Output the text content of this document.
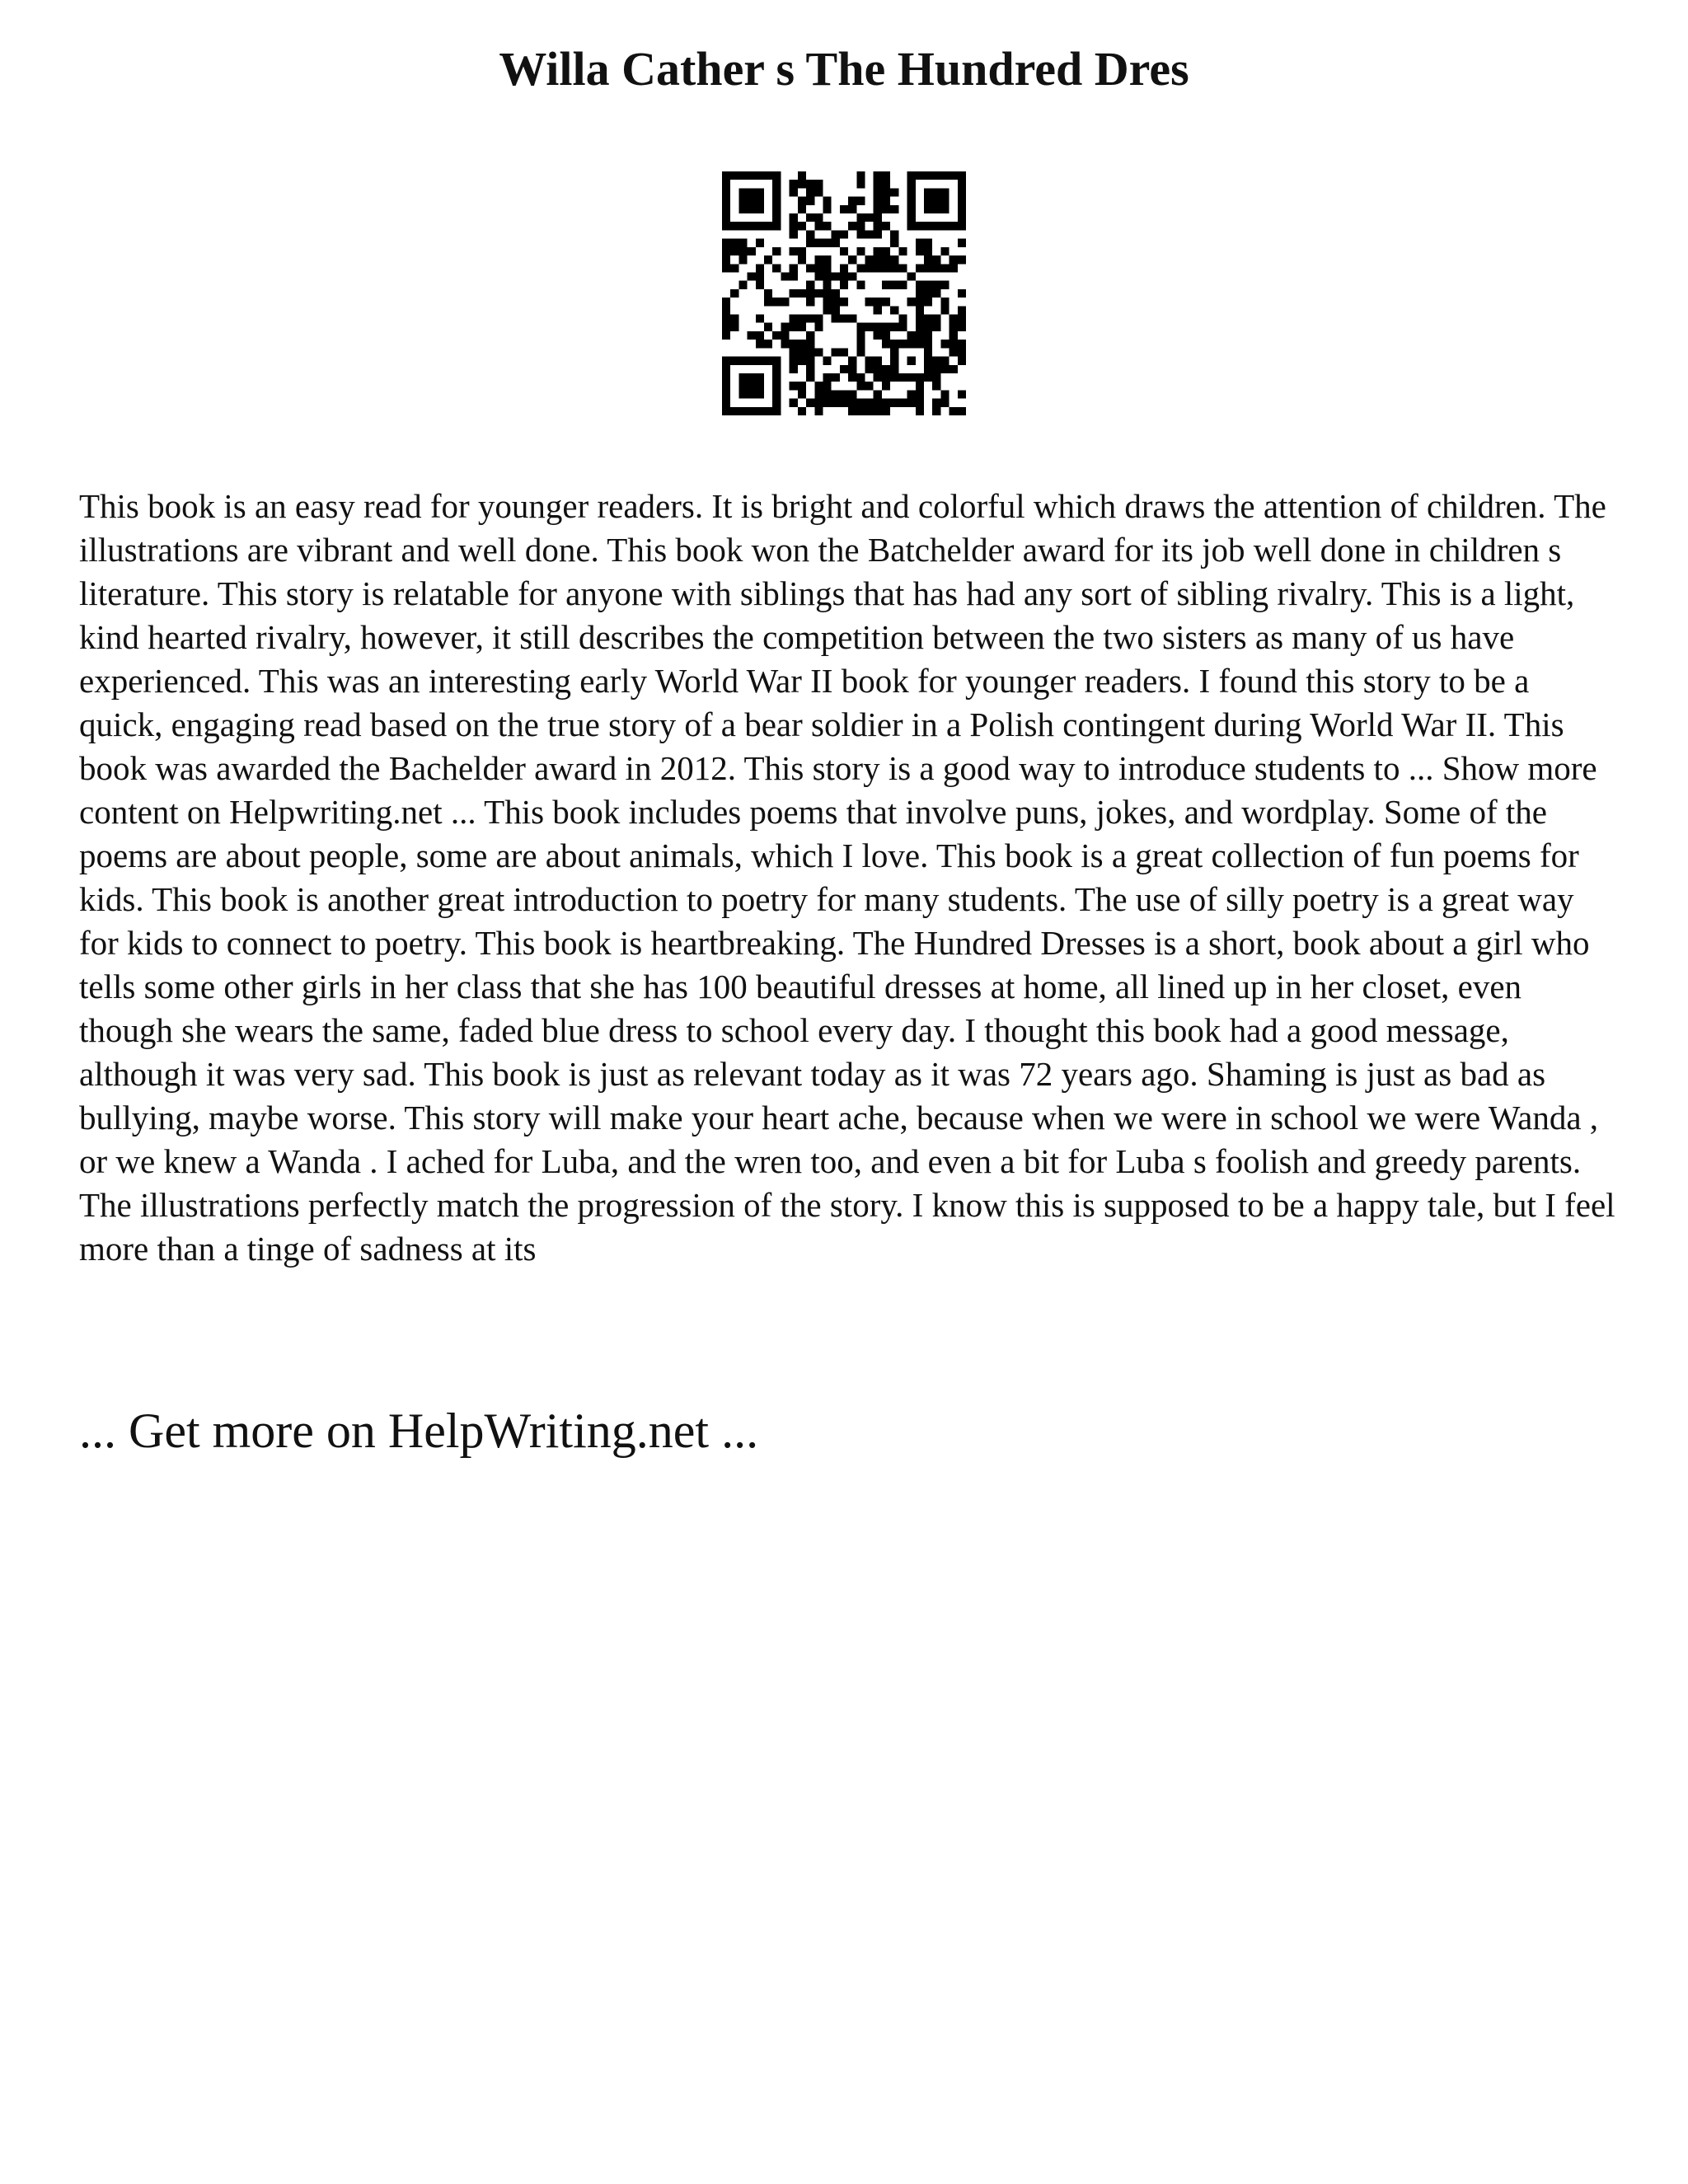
Willa Cather s The Hundred Dres

This book is an easy read for younger readers. It is bright and colorful which draws the attention of children. The illustrations are vibrant and well done. This book won the Batchelder award for its job well done in children s literature. This story is relatable for anyone with siblings that has had any sort of sibling rivalry. This is a light, kind hearted rivalry, however, it still describes the competition between the two sisters as many of us have experienced. This was an interesting early World War II book for younger readers. I found this story to be a quick, engaging read based on the true story of a bear soldier in a Polish contingent during World War II. This book was awarded the Bachelder award in 2012. This story is a good way to introduce students to ... Show more content on Helpwriting.net ... This book includes poems that involve puns, jokes, and wordplay. Some of the poems are about people, some are about animals, which I love. This book is a great collection of fun poems for kids. This book is another great introduction to poetry for many students. The use of silly poetry is a great way for kids to connect to poetry. This book is heartbreaking. The Hundred Dresses is a short, book about a girl who tells some other girls in her class that she has 100 beautiful dresses at home, all lined up in her closet, even though she wears the same, faded blue dress to school every day. I thought this book had a good message, although it was very sad. This book is just as relevant today as it was 72 years ago. Shaming is just as bad as bullying, maybe worse. This story will make your heart ache, because when we were in school we were Wanda , or we knew a Wanda . I ached for Luba, and the wren too, and even a bit for Luba s foolish and greedy parents. The illustrations perfectly match the progression of the story. I know this is supposed to be a happy tale, but I feel more than a tinge of sadness at its

... Get more on HelpWriting.net ...
